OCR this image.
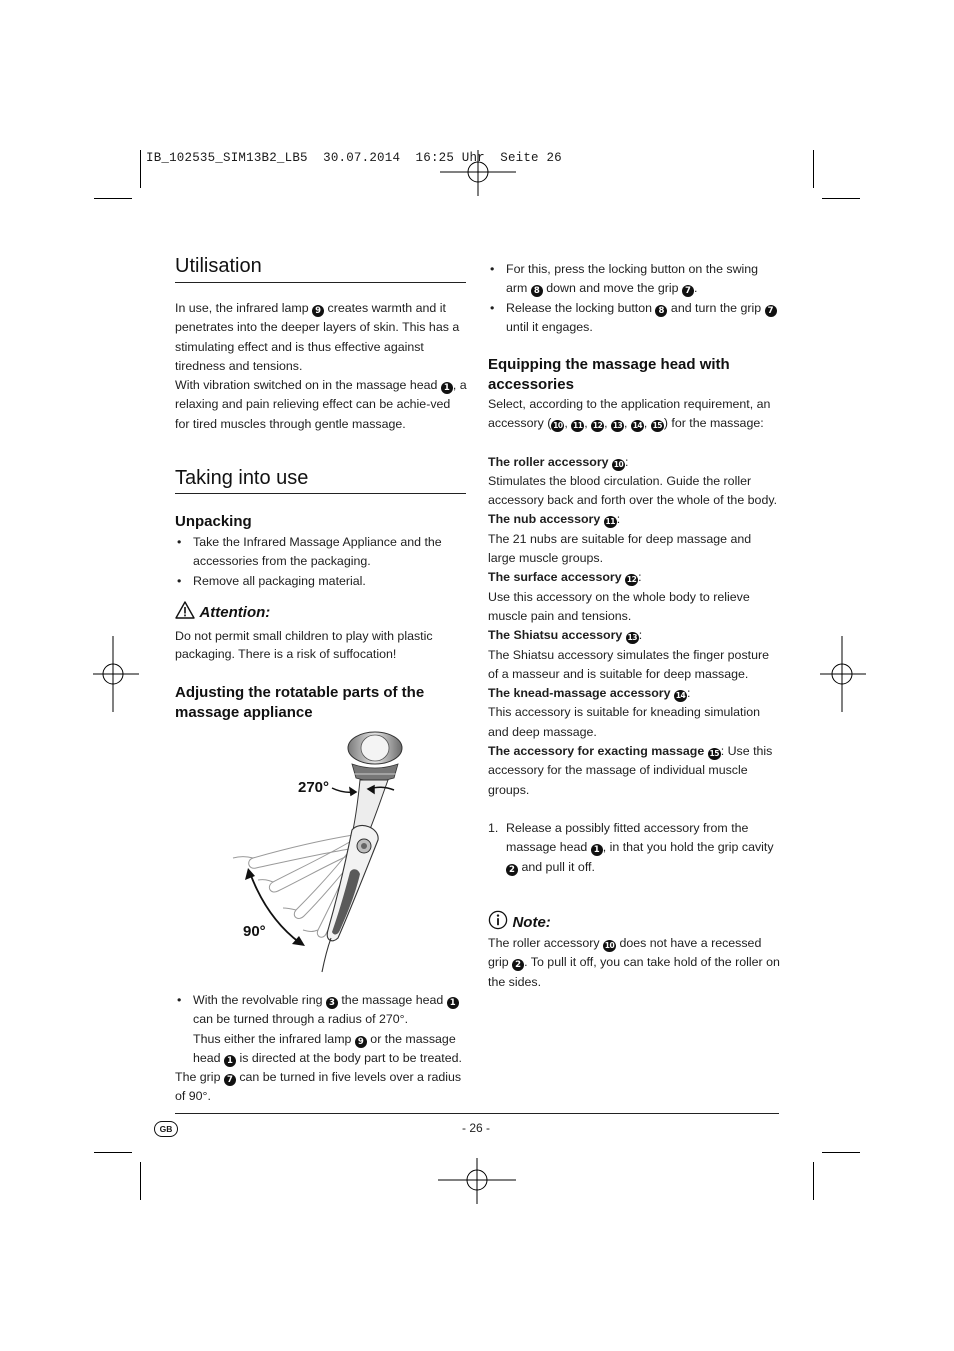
IB_102535_SIM13B2_LB5  30.07.2014  16:25 Uhr  Seite 26
Utilisation

In use, the infrared lamp 9 creates warmth and it penetrates into the deeper layers of skin. This has a stimulating effect and is thus effective against tiredness and tensions.

With vibration switched on in the massage head 1 , a relaxing and pain relieving effect can be achie-ved for tired muscles through gentle massage.

Taking into use
Unpacking

• Take the Infrared Massage Appliance and the accessories from the packaging.

• Remove all packaging material.

Attention:
Do not permit small children to play with plastic packaging. There is a risk of suffocation!
Adjusting the rotatable parts of the massage appliance
270°
90°

• With the revolvable ring 3 the massage head 1 can be turned through a radius of 270°.
Thus either the infrared lamp 9 or the massage head 1 is directed at the body part to be treated.

The grip 7 can be turned in five levels over a radius of 90°.

• For this, press the locking button on the swing arm 8 down and move the grip 7 .

• Release the locking button 8 and turn the grip 7 until it engages.

Equipping the massage head with accessories

Select, according to the application requirement, an accessory ( 10 , 11 , 12 , 13 , 14 , 15 ) for the massage:

The roller accessory 10 :
Stimulates the blood circulation. Guide the roller accessory back and forth over the whole of the body.

The nub accessory 11 :
The 21 nubs are suitable for deep massage and large muscle groups.

The surface accessory 12 :
Use this accessory on the whole body to relieve muscle pain and tensions.

The Shiatsu accessory 13 :
The Shiatsu accessory simulates the finger posture of a masseur and is suitable for deep massage.

The knead-massage accessory 14 :
This accessory is suitable for kneading simulation and deep massage.

The accessory for exacting massage 15 : Use this accessory for the massage of individual muscle groups.

1. Release a possibly fitted accessory from the massage head 1 , in that you hold the grip cavity 2 and pull it off.

Note:

The roller accessory 10 does not have a recessed grip 2 . To pull it off, you can take hold of the roller on the sides.

GB	- 26 -
